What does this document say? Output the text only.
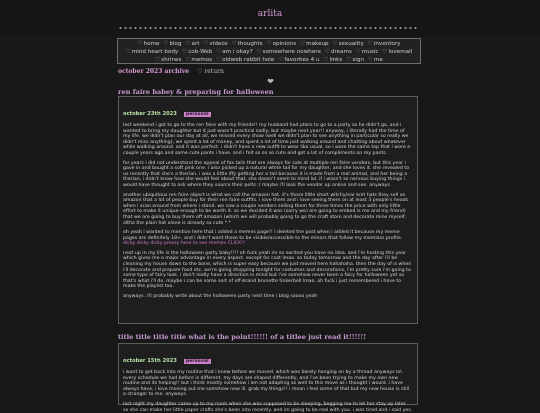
arlita
♡home ♡blog ♡art ♡videos ♡thoughts ♡opinions ♡makeup ♡sexuality ♡inventory♡mind heart body ♡cob-Web ♡am i okay? ♡somewhere nowhere ♡dreams ♡music ♡lovemail♡shrines ♡memos ♡oldweb rabbit hole ♡favorites 4 u ♡links ♡sign ♡me
october 2023 archive ♡ return
❤
ren faire babey & preparing for halloween
october 23th 2023 personal

last weekend i got to go to the ren faire with my friends!! my husband had plans to go to a party so he didn't go, and i wanted to bring my daughter but it just wasn't practical sadly, but maybe next year!! anyway, i literally had the time of my life. we didn't plan our day at all, we missed every show (well we didn't plan to see anything in particular so really we didn't miss anything), we spent a lot of money, and spent a lot of time just walking around and chatting about whatever while walking around. and it was perfect. i didn't have a new outfit to wear like usual, so i wore the same top that i wore a couple years ago and some cute pants i have. and i felt so so so cute and got a lot of compliments on my pants.

for years i did not understand the appeal of fox tails that are always for sale at multiple ren faire vendors, but this year i gave in and bought a soft pink one. i also picked up a natural white tail for my daughter, and she loves it. she revealed to us recently that she's a therian. i was a little iffy getting her a tail because it is made from a real animal, and her being a therian, i didn't know how she would feel about that. she doesn't seem to mind lol. if i wasn't so nervous buying things i would have thought to ask where they source their pelts :/ maybe i'll look the vendor up online and see. anyways.

another ubiquitous ren faire object is what we call the amazon hat. it's those little short witchy/ear knit hats they sell on amazon that a lot of people buy for their ren faire outfits. i love them and i love seeing them on at least 3 people's heads when i scan around from where i stand. we saw a couple vendors selling them for three times the price with only little effort to make it unique enough to be worth it. so we decided it was (sorry we) are going to embed is me and my friend) that we are going to buy them off amazon (which we will probably going to go the craft store and decorate mine myself, altho the plain hat alone is already so cute *.*

oh yeah i wanted to mention here that i added a memes page!! i deleted the post when i added it because my meme pages are definitely 18+, and i didn't want those to be visible/accessible to the minors that follow my memlass profile. dicky dicky dicky pressy here to see memes CLICK!!

next up in my life is the halloween party baby!!!! oh fuck yeah im so excited you have no idea. and i'm hosting this year which gives me a major advantage in every aspect. except for cost lmao. so today tomorrow and the day after i'll be cleaning my house down to the bone, which is super easy because we just moved here hahahaha. then the day of is when i'll decorate and prepare food etc. we're going shopping tonight for costumes and decorations, i'm pretty sure i'm going to some type of fairy look. i don't really have a direction in mind but i've somehow never been a fairy for halloween yet so that's what i'll do. maybe i can be some sort of off-brand brunette tinkerbell lmao. oh fuck i just remembered i have to make the playlist too.

anyways. i'll probably write about the halloween party next time i blog soooo yeah

title title title title what is the point!!!!!! of a titlee just read it!!!!!!
october 15th 2023 personal

i want to get back into my routine that i knew before we moved. which was barely hanging on by a thread anyways lol. every schedule we had before is different. my days are shaped differently, and i've been trying to make my own new routine and its helping!! but i think mostly somehow i am not adapting as well to this move as i thought i would. i have always have, i love moving out me somehow new ill. grab my things!! i mean i feel some of that but my new house is still a stranger to me. anyways.

last night my daughter came up to my room when she was supposed to be sleeping, begging me to let her stay up later. so she can make her little paper crafts she's been into recently. and im going to be real with you. i was tired and i said yes.
